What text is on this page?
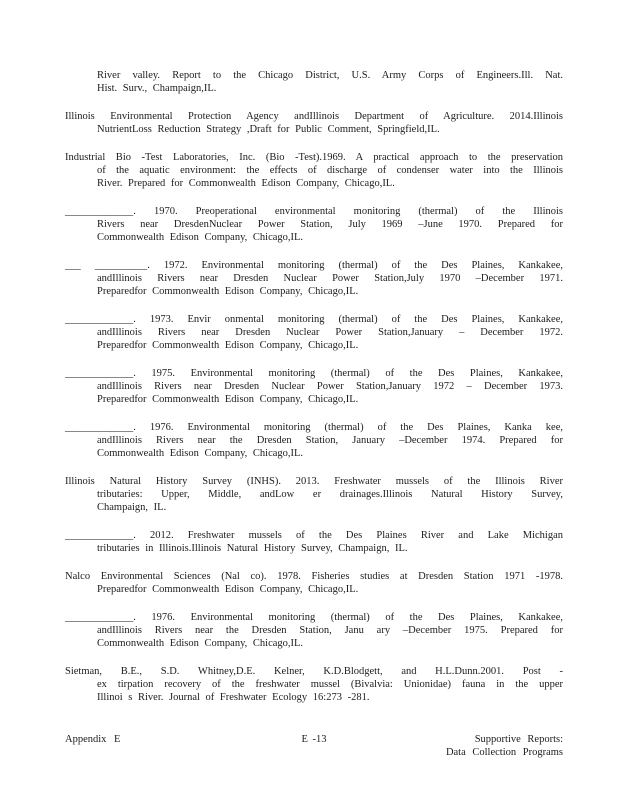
River valley. Report to the Chicago District, U.S. Army Corps of Engineers.Ill. Nat.
Hist. Surv., Champaign,IL.
Illinois Environmental Protection Agency andIllinois Department of Agriculture. 2014.Illinois
NutrientLoss Reduction Strategy ,Draft for Public Comment, Springfield,IL.
Industrial Bio -Test Laboratories, Inc. (Bio -Test).1969. A practical approach to the preservation
of the aquatic environment: the effects of discharge of condenser water into the Illinois
River. Prepared for Commonwealth Edison Company, Chicago,IL.
_____________. 1970. Preoperational environmental monitoring (thermal) of the Illinois
Rivers near DresdenNuclear Power Station, July 1969 –June 1970. Prepared for
Commonwealth Edison Company, Chicago,IL.
___ __________. 1972. Environmental monitoring (thermal) of the Des Plaines, Kankakee,
andIllinois Rivers near Dresden Nuclear Power Station,July 1970 –December 1971.
Preparedfor Commonwealth Edison Company, Chicago,IL.
_____________. 1973. Envir onmental monitoring (thermal) of the Des Plaines, Kankakee,
andIllinois Rivers near Dresden Nuclear Power Station,January – December 1972.
Preparedfor Commonwealth Edison Company, Chicago,IL.
_____________. 1975. Environmental monitoring (thermal) of the Des Plaines, Kankakee,
andIllinois Rivers near Dresden Nuclear Power Station,January 1972 – December 1973.
Preparedfor Commonwealth Edison Company, Chicago,IL.
_____________. 1976. Environmental monitoring (thermal) of the Des Plaines, Kanka kee,
andIllinois Rivers near the Dresden Station, January –December 1974. Prepared for
Commonwealth Edison Company, Chicago,IL.
Illinois Natural History Survey (INHS). 2013. Freshwater mussels of the Illinois River
tributaries: Upper, Middle, andLow er drainages.Illinois Natural History Survey,
Champaign, IL.
_____________. 2012. Freshwater mussels of the Des Plaines River and Lake Michigan
tributaries in Illinois.Illinois Natural History Survey, Champaign, IL.
Nalco Environmental Sciences (Nal co). 1978. Fisheries studies at Dresden Station 1971 -1978.
Preparedfor Commonwealth Edison Company, Chicago,IL.
_____________. 1976. Environmental monitoring (thermal) of the Des Plaines, Kankakee,
andIllinois Rivers near the Dresden Station, Janu ary –December 1975. Prepared for
Commonwealth Edison Company, Chicago,IL.
Sietman, B.E., S.D. Whitney,D.E. Kelner, K.D.Blodgett, and H.L.Dunn.2001. Post -
ex tirpation recovery of the freshwater mussel (Bivalvia: Unionidae) fauna in the upper
Illinoi s River. Journal of Freshwater Ecology 16:273 -281.
Appendix E	E -13	Supportive Reports:
Data Collection Programs
